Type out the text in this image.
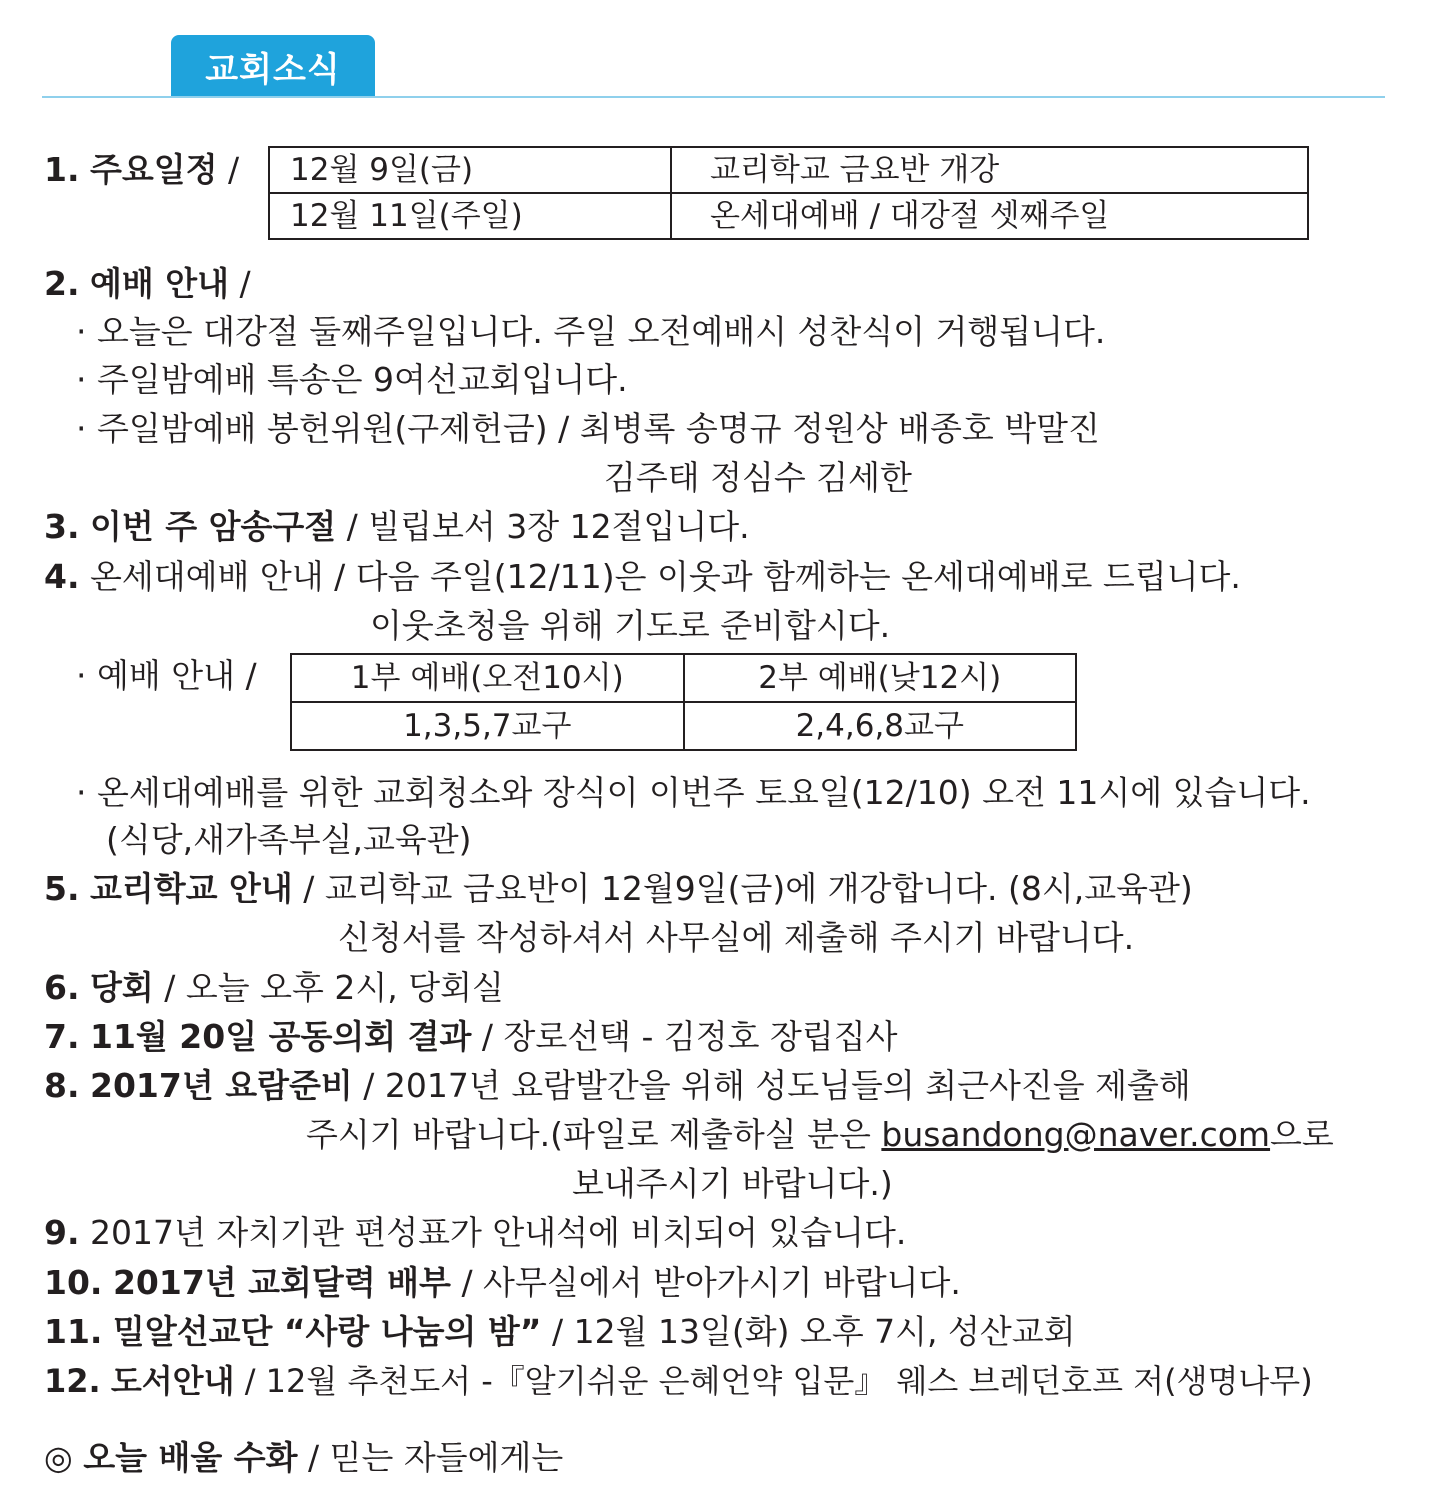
교회소식
1. 주요일정 / 12월 9일(금)	교리학교 금요반 개강
12월 11일(주일)	온세대예배 / 대강절 셋째주일
2. 예배 안내 /
· 오늘은 대강절 둘째주일입니다. 주일 오전예배시 성찬식이 거행됩니다.
· 주일밤예배 특송은 9여선교회입니다.
· 주일밤예배 봉헌위원(구제헌금) / 최병록 송명규 정원상 배종호 박말진
김주태 정심수 김세한
3. 이번 주 암송구절 / 빌립보서 3장 12절입니다.
4. 온세대예배 안내 / 다음 주일(12/11)은 이웃과 함께하는 온세대예배로 드립니다.
이웃초청을 위해 기도로 준비합시다.
· 예배 안내 /	1부 예배(오전10시)	2부 예배(낮12시)
1,3,5,7교구	2,4,6,8교구
· 온세대예배를 위한 교회청소와 장식이 이번주 토요일(12/10) 오전 11시에 있습니다.
(식당,새가족부실,교육관)
5. 교리학교 안내 / 교리학교 금요반이 12월9일(금)에 개강합니다. (8시,교육관)
신청서를 작성하셔서 사무실에 제출해 주시기 바랍니다.
6. 당회 / 오늘 오후 2시, 당회실
7. 11월 20일 공동의회 결과 / 장로선택 - 김정호 장립집사
8. 2017년 요람준비 / 2017년 요람발간을 위해 성도님들의 최근사진을 제출해
주시기 바랍니다.(파일로 제출하실 분은 busandong@naver.com으로
보내주시기 바랍니다.)
9. 2017년 자치기관 편성표가 안내석에 비치되어 있습니다.
10. 2017년 교회달력 배부 / 사무실에서 받아가시기 바랍니다.
11. 밀알선교단 “사랑 나눔의 밤” / 12월 13일(화) 오후 7시, 성산교회
12. 도서안내 / 12월 추천도서 -『알기쉬운 은혜언약 입문』 웨스 브레던호프 저(생명나무)
◎ 오늘 배울 수화 / 믿는 자들에게는
